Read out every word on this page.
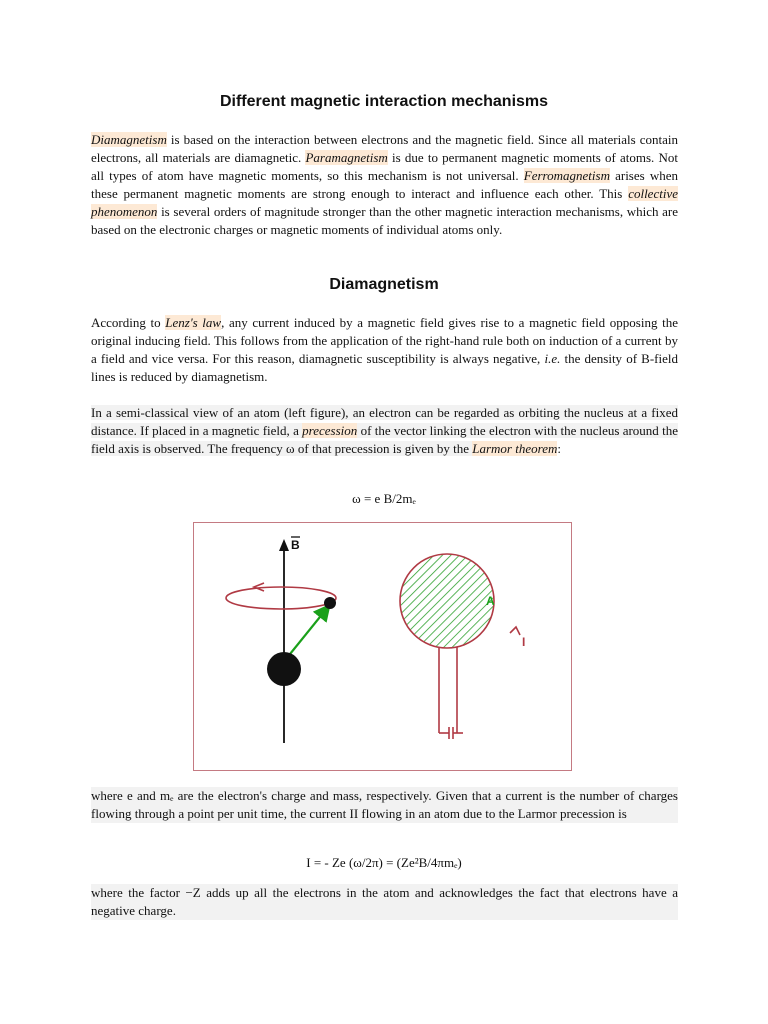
Different magnetic interaction mechanisms

Diamagnetism is based on the interaction between electrons and the magnetic field. Since all materials contain electrons, all materials are diamagnetic. Paramagnetism is due to permanent magnetic moments of atoms. Not all types of atom have magnetic moments, so this mechanism is not universal. Ferromagnetism arises when these permanent magnetic moments are strong enough to interact and influence each other. This collective phenomenon is several orders of magnitude stronger than the other magnetic interaction mechanisms, which are based on the electronic charges or magnetic moments of individual atoms only.

Diamagnetism

According to Lenz's law, any current induced by a magnetic field gives rise to a magnetic field opposing the original inducing field. This follows from the application of the right-hand rule both on induction of a current by a field and vice versa. For this reason, diamagnetic susceptibility is always negative, i.e. the density of B-field lines is reduced by diamagnetism.

In a semi-classical view of an atom (left figure), an electron can be regarded as orbiting the nucleus at a fixed distance. If placed in a magnetic field, a precession of the vector linking the electron with the nucleus around the field axis is observed. The frequency ω of that precession is given by the Larmor theorem:

ω = e B/2mₑ

B
A
I

where e and mₑ are the electron's charge and mass, respectively. Given that a current is the number of charges flowing through a point per unit time, the current II flowing in an atom due to the Larmor precession is

I = - Ze (ω/2π) = (Ze²B/4πmₑ)

where the factor −Z adds up all the electrons in the atom and acknowledges the fact that electrons have a negative charge.
